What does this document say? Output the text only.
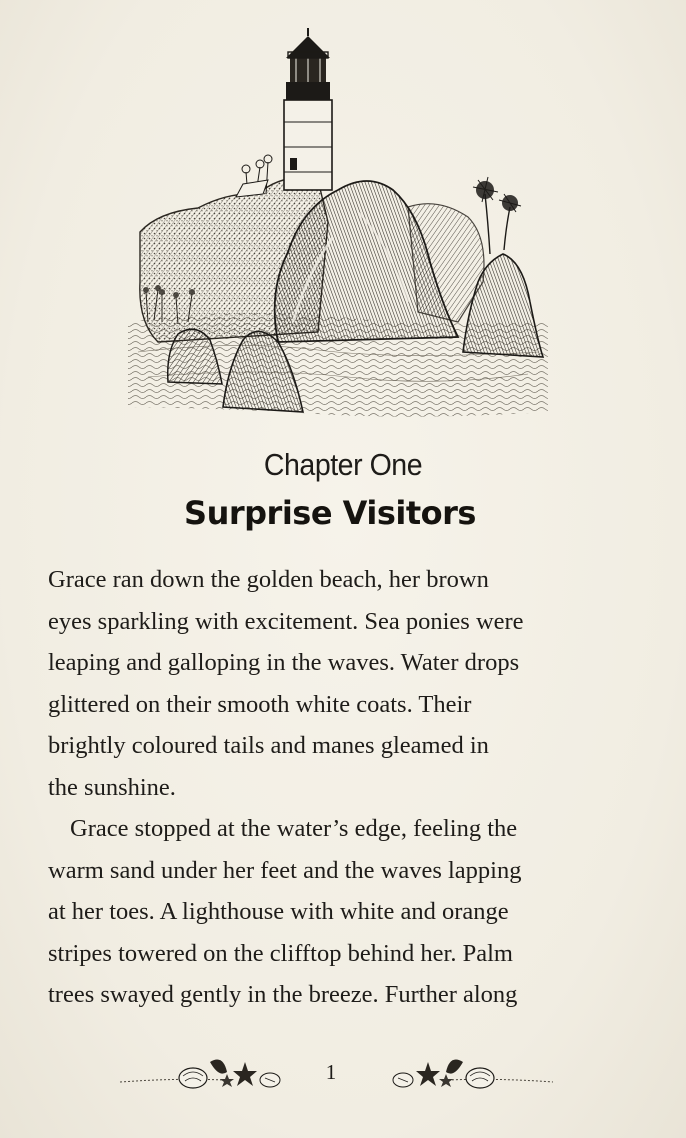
Chapter One
Surprise Visitors

Grace ran down the golden beach, her brown
eyes sparkling with excitement. Sea ponies were
leaping and galloping in the waves. Water drops
glittered on their smooth white coats. Their
brightly coloured tails and manes gleamed in
the sunshine.

Grace stopped at the water’s edge, feeling the
warm sand under her feet and the waves lapping
at her toes. A lighthouse with white and orange
stripes towered on the clifftop behind her. Palm
trees swayed gently in the breeze. Further along

1
